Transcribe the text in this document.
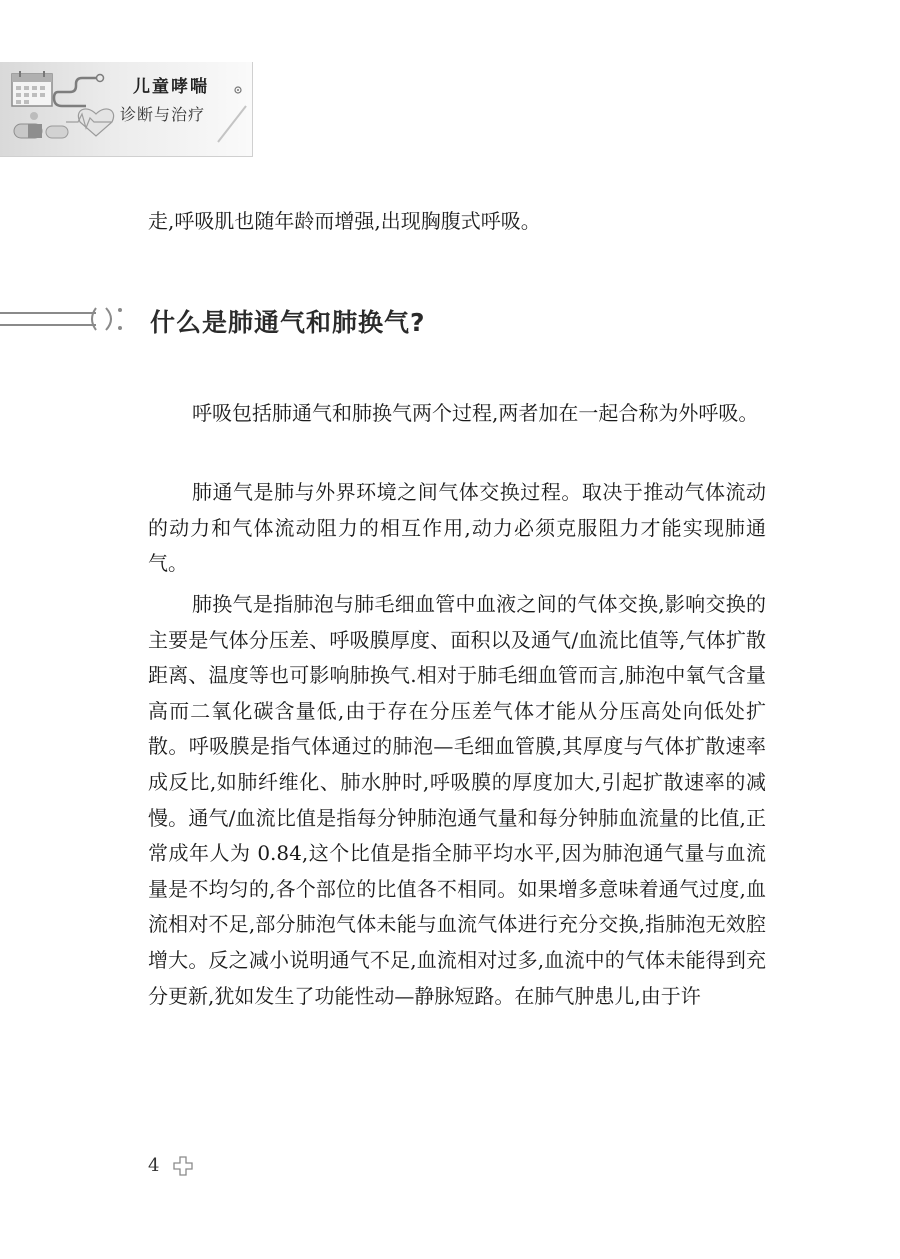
儿童哮喘
诊断与治疗

走,呼吸肌也随年龄而增强,出现胸腹式呼吸。

什么是肺通气和肺换气?

呼吸包括肺通气和肺换气两个过程,两者加在一起合称为外呼吸。

肺通气是肺与外界环境之间气体交换过程。取决于推动气体流动的动力和气体流动阻力的相互作用,动力必须克服阻力才能实现肺通气。

肺换气是指肺泡与肺毛细血管中血液之间的气体交换,影响交换的主要是气体分压差、呼吸膜厚度、面积以及通气/血流比值等,气体扩散距离、温度等也可影响肺换气.相对于肺毛细血管而言,肺泡中氧气含量高而二氧化碳含量低,由于存在分压差气体才能从分压高处向低处扩散。呼吸膜是指气体通过的肺泡—毛细血管膜,其厚度与气体扩散速率成反比,如肺纤维化、肺水肿时,呼吸膜的厚度加大,引起扩散速率的减慢。通气/血流比值是指每分钟肺泡通气量和每分钟肺血流量的比值,正常成年人为 0.84,这个比值是指全肺平均水平,因为肺泡通气量与血流量是不均匀的,各个部位的比值各不相同。如果增多意味着通气过度,血流相对不足,部分肺泡气体未能与血流气体进行充分交换,指肺泡无效腔增大。反之减小说明通气不足,血流相对过多,血流中的气体未能得到充分更新,犹如发生了功能性动—静脉短路。在肺气肿患儿,由于许

4
